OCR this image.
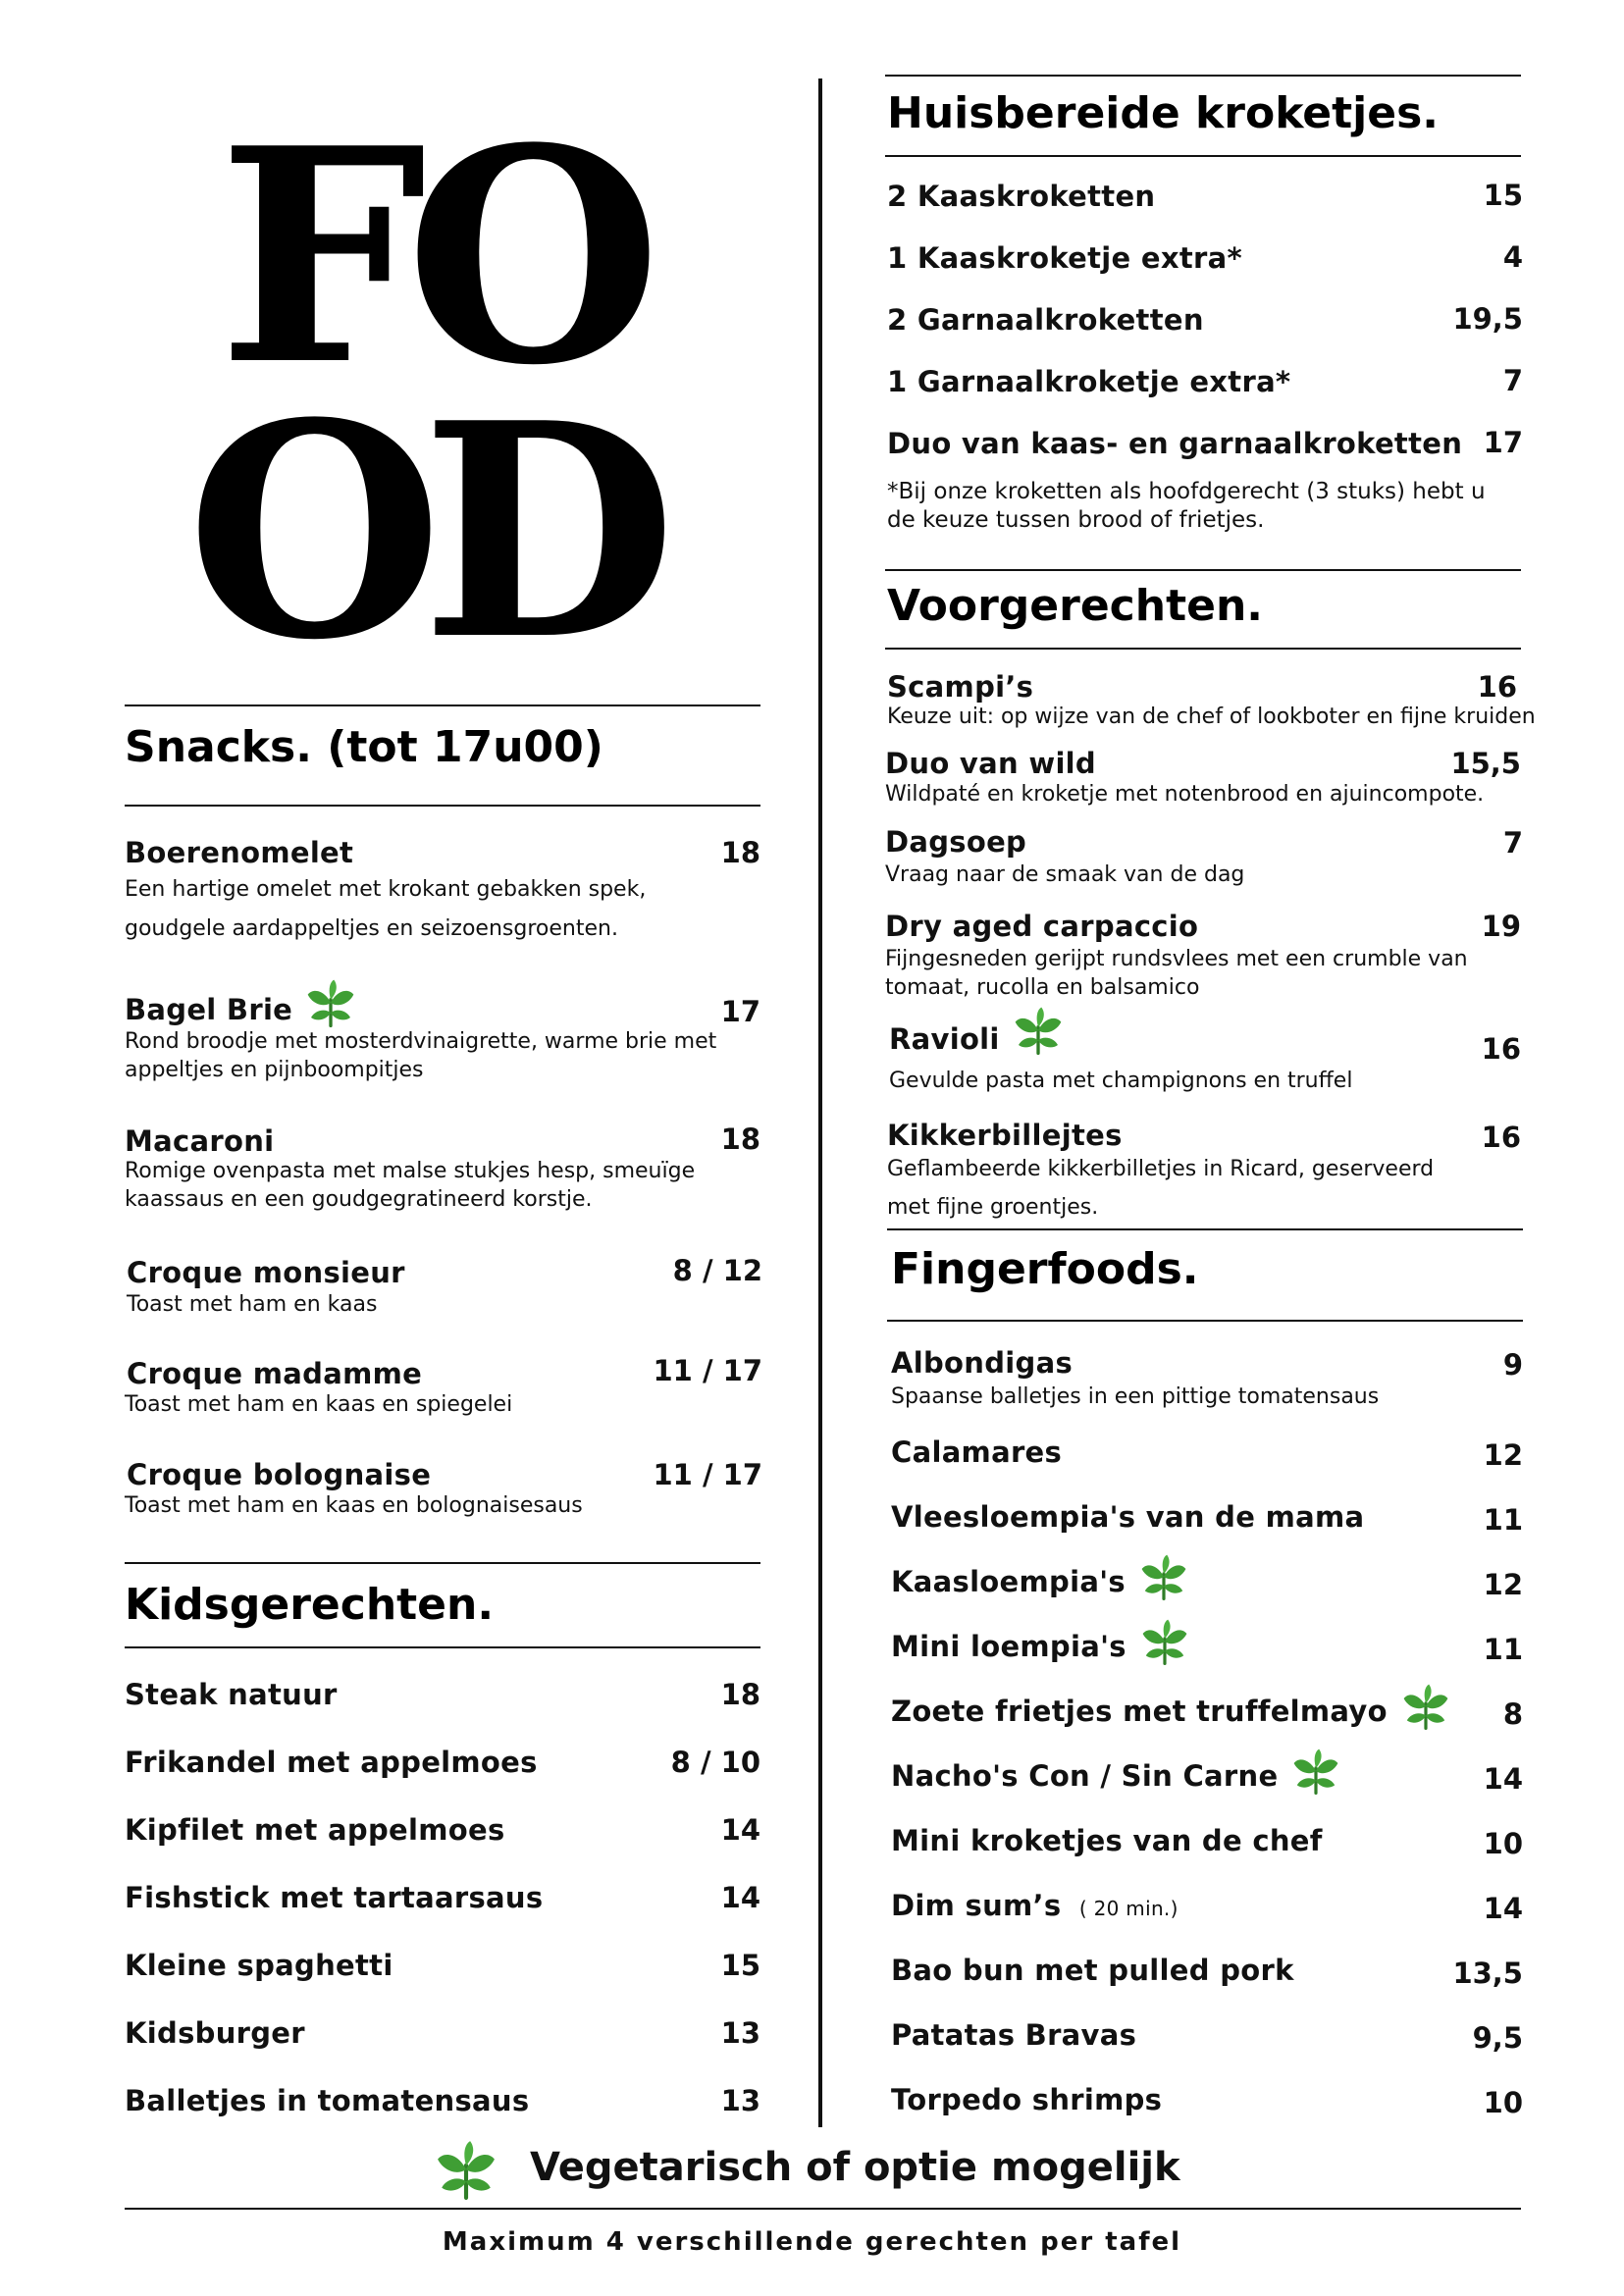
FO
OD
Snacks. (tot 17u00)
Boerenomelet	18
Een hartige omelet met krokant gebakken spek,
goudgele aardappeltjes en seizoensgroenten.
Bagel Brie	17
Rond broodje met mosterdvinaigrette, warme brie met appeltjes en pijnboompitjes
Macaroni	18
Romige ovenpasta met malse stukjes hesp, smeuïge kaassaus en een goudgegratineerd korstje.
Croque monsieur	8 / 12
Toast met ham en kaas
Croque madamme	11 / 17
Toast met ham en kaas en spiegelei
Croque bolognaise	11 / 17
Toast met ham en kaas en bolognaisesaus
Kidsgerechten.
Steak natuur	18
Frikandel met appelmoes	8 / 10
Kipfilet met appelmoes	14
Fishstick met tartaarsaus	14
Kleine spaghetti	15
Kidsburger	13
Balletjes in tomatensaus	13
Huisbereide kroketjes.
2 Kaaskroketten	15
1 Kaaskroketje extra*	4
2 Garnaalkroketten	19,5
1 Garnaalkroketje extra*	7
Duo van kaas- en garnaalkroketten 17
*Bij onze kroketten als hoofdgerecht (3 stuks) hebt u de keuze tussen brood of frietjes.
Voorgerechten.
Scampi’s	16
Keuze uit: op wijze van de chef of lookboter en fijne kruiden
Duo van wild	15,5
Wildpaté en kroketje met notenbrood en ajuincompote.
Dagsoep	7
Vraag naar de smaak van de dag
Dry aged carpaccio	19
Fijngesneden gerijpt rundsvlees met een crumble van tomaat, rucolla en balsamico
Ravioli	16
Gevulde pasta met champignons en truffel
Kikkerbillejtes	16
Geflambeerde kikkerbilletjes in Ricard, geserveerd
met fijne groentjes.
Fingerfoods.
Albondigas	9
Spaanse balletjes in een pittige tomatensaus
Calamares	12
Vleesloempia's van de mama	11
Kaasloempia's	12
Mini loempia's	11
Zoete frietjes met truffelmayo	8
Nacho's Con / Sin Carne	14
Mini kroketjes van de chef	10
Dim sum’s ( 20 min.)	14
Bao bun met pulled pork	13,5
Patatas Bravas	9,5
Torpedo shrimps	10
Vegetarisch of optie mogelijk
Maximum 4 verschillende gerechten per tafel
